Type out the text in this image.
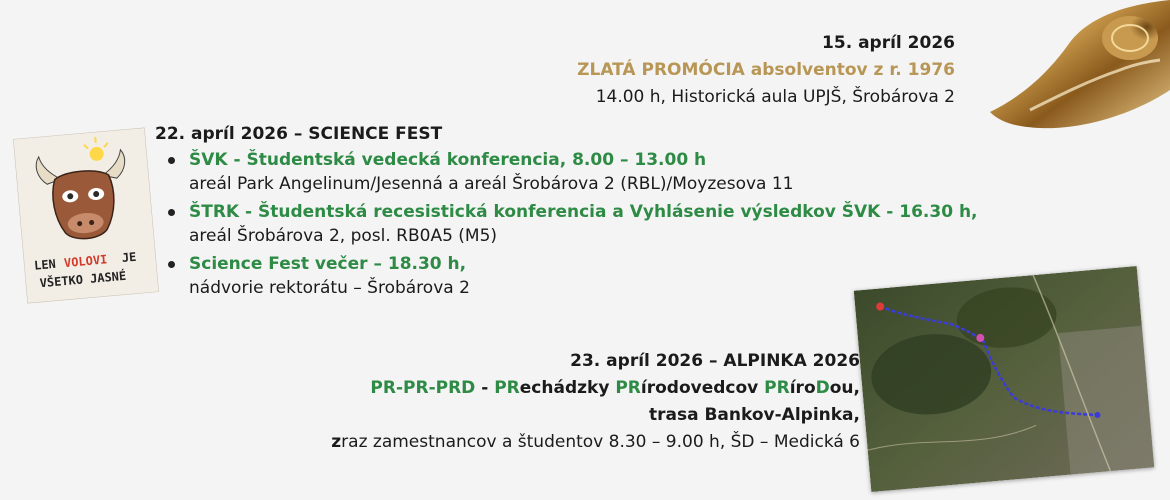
15. apríl 2026
ZLATÁ PROMÓCIA absolventov z r. 1976
14.00 h, Historická aula UPJŠ, Šrobárova 2
LEN VOLOVI JE
VŠETKO JASNÉ
22. apríl 2026 – SCIENCE FEST
ŠVK - Študentská vedecká konferencia, 8.00 – 13.00 h
areál Park Angelinum/Jesenná a areál Šrobárova 2 (RBL)/Moyzesova 11
ŠTRK - Študentská recesistická konferencia a Vyhlásenie výsledkov ŠVK - 16.30 h,
areál Šrobárova 2, posl. RB0A5 (M5)
Science Fest večer – 18.30 h,
nádvorie rektorátu – Šrobárova 2
23. apríl 2026 – ALPINKA 2026
PR-PR-PRD - PRechádzky PRírodovedcov PRíroDou,
trasa Bankov-Alpinka,
zraz zamestnancov a študentov 8.30 – 9.00 h, ŠD – Medická 6
